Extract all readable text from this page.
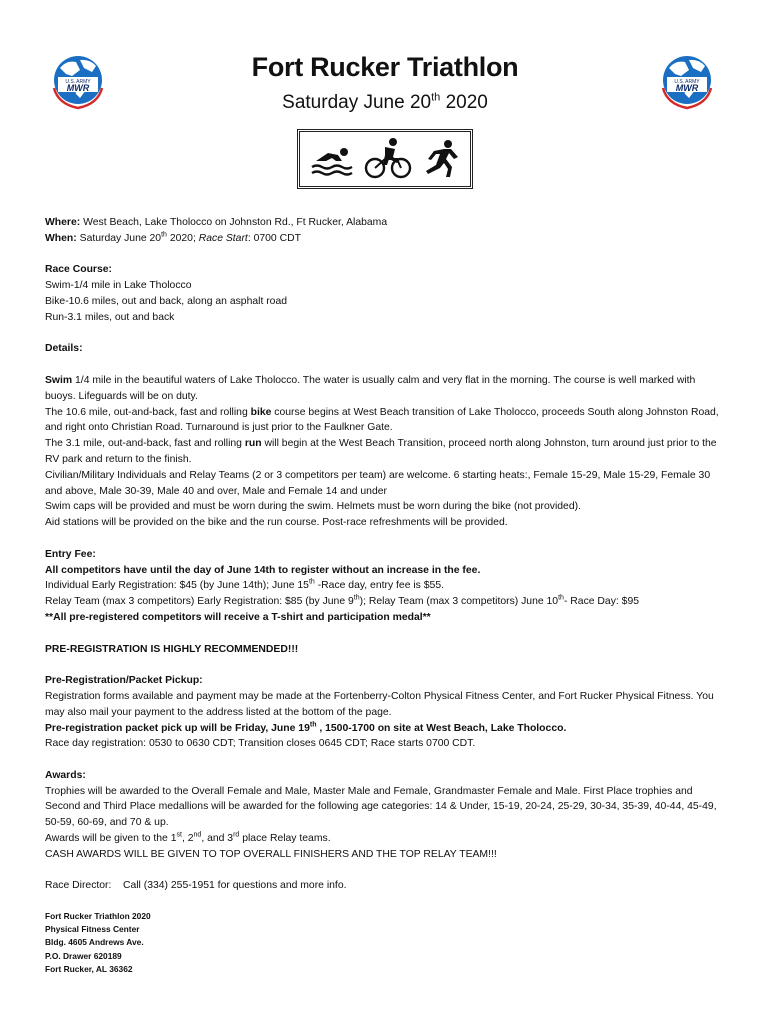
U.S. ARMY
MWR
U.S. ARMY
MWR
Fort Rucker Triathlon
Saturday June 20th 2020

Where: West Beach, Lake Tholocco on Johnston Rd., Ft Rucker, Alabama

When: Saturday June 20th 2020; Race Start: 0700 CDT

Race Course:

Swim-1/4 mile in Lake Tholocco

Bike-10.6 miles, out and back, along an asphalt road

Run-3.1 miles, out and back

Details:

Swim 1/4 mile in the beautiful waters of Lake Tholocco. The water is usually calm and very flat in the morning. The course is well marked with buoys. Lifeguards will be on duty.

The 10.6 mile, out-and-back, fast and rolling bike course begins at West Beach transition of Lake Tholocco, proceeds South along Johnston Road, and right onto Christian Road. Turnaround is just prior to the Faulkner Gate.

The 3.1 mile, out-and-back, fast and rolling run will begin at the West Beach Transition, proceed north along Johnston, turn around just prior to the RV park and return to the finish.

Civilian/Military Individuals and Relay Teams (2 or 3 competitors per team) are welcome. 6 starting heats:, Female 15-29, Male 15-29, Female 30 and above, Male 30-39, Male 40 and over, Male and Female 14 and under

Swim caps will be provided and must be worn during the swim. Helmets must be worn during the bike (not provided).

Aid stations will be provided on the bike and the run course. Post-race refreshments will be provided.

Entry Fee:

All competitors have until the day of June 14th to register without an increase in the fee.

Individual Early Registration: $45 (by June 14th); June 15th -Race day, entry fee is $55.

Relay Team (max 3 competitors) Early Registration: $85 (by June 9th); Relay Team (max 3 competitors) June 10th- Race Day: $95

**All pre-registered competitors will receive a T-shirt and participation medal**

PRE-REGISTRATION IS HIGHLY RECOMMENDED!!!

Pre-Registration/Packet Pickup:

Registration forms available and payment may be made at the Fortenberry-Colton Physical Fitness Center, and Fort Rucker Physical Fitness. You may also mail your payment to the address listed at the bottom of the page.

Pre-registration packet pick up will be Friday, June 19th , 1500-1700 on site at West Beach, Lake Tholocco.

Race day registration: 0530 to 0630 CDT; Transition closes 0645 CDT; Race starts 0700 CDT.

Awards:

Trophies will be awarded to the Overall Female and Male, Master Male and Female, Grandmaster Female and Male. First Place trophies and Second and Third Place medallions will be awarded for the following age categories: 14 & Under, 15-19, 20-24, 25-29, 30-34, 35-39, 40-44, 45-49, 50-59, 60-69, and 70 & up.

Awards will be given to the 1st, 2nd, and 3rd place Relay teams.

CASH AWARDS WILL BE GIVEN TO TOP OVERALL FINISHERS AND THE TOP RELAY TEAM!!!

Race Director:    Call (334) 255-1951 for questions and more info.

Fort Rucker Triathlon 2020

Physical Fitness Center

Bldg. 4605 Andrews Ave.

P.O. Drawer 620189

Fort Rucker, AL 36362
